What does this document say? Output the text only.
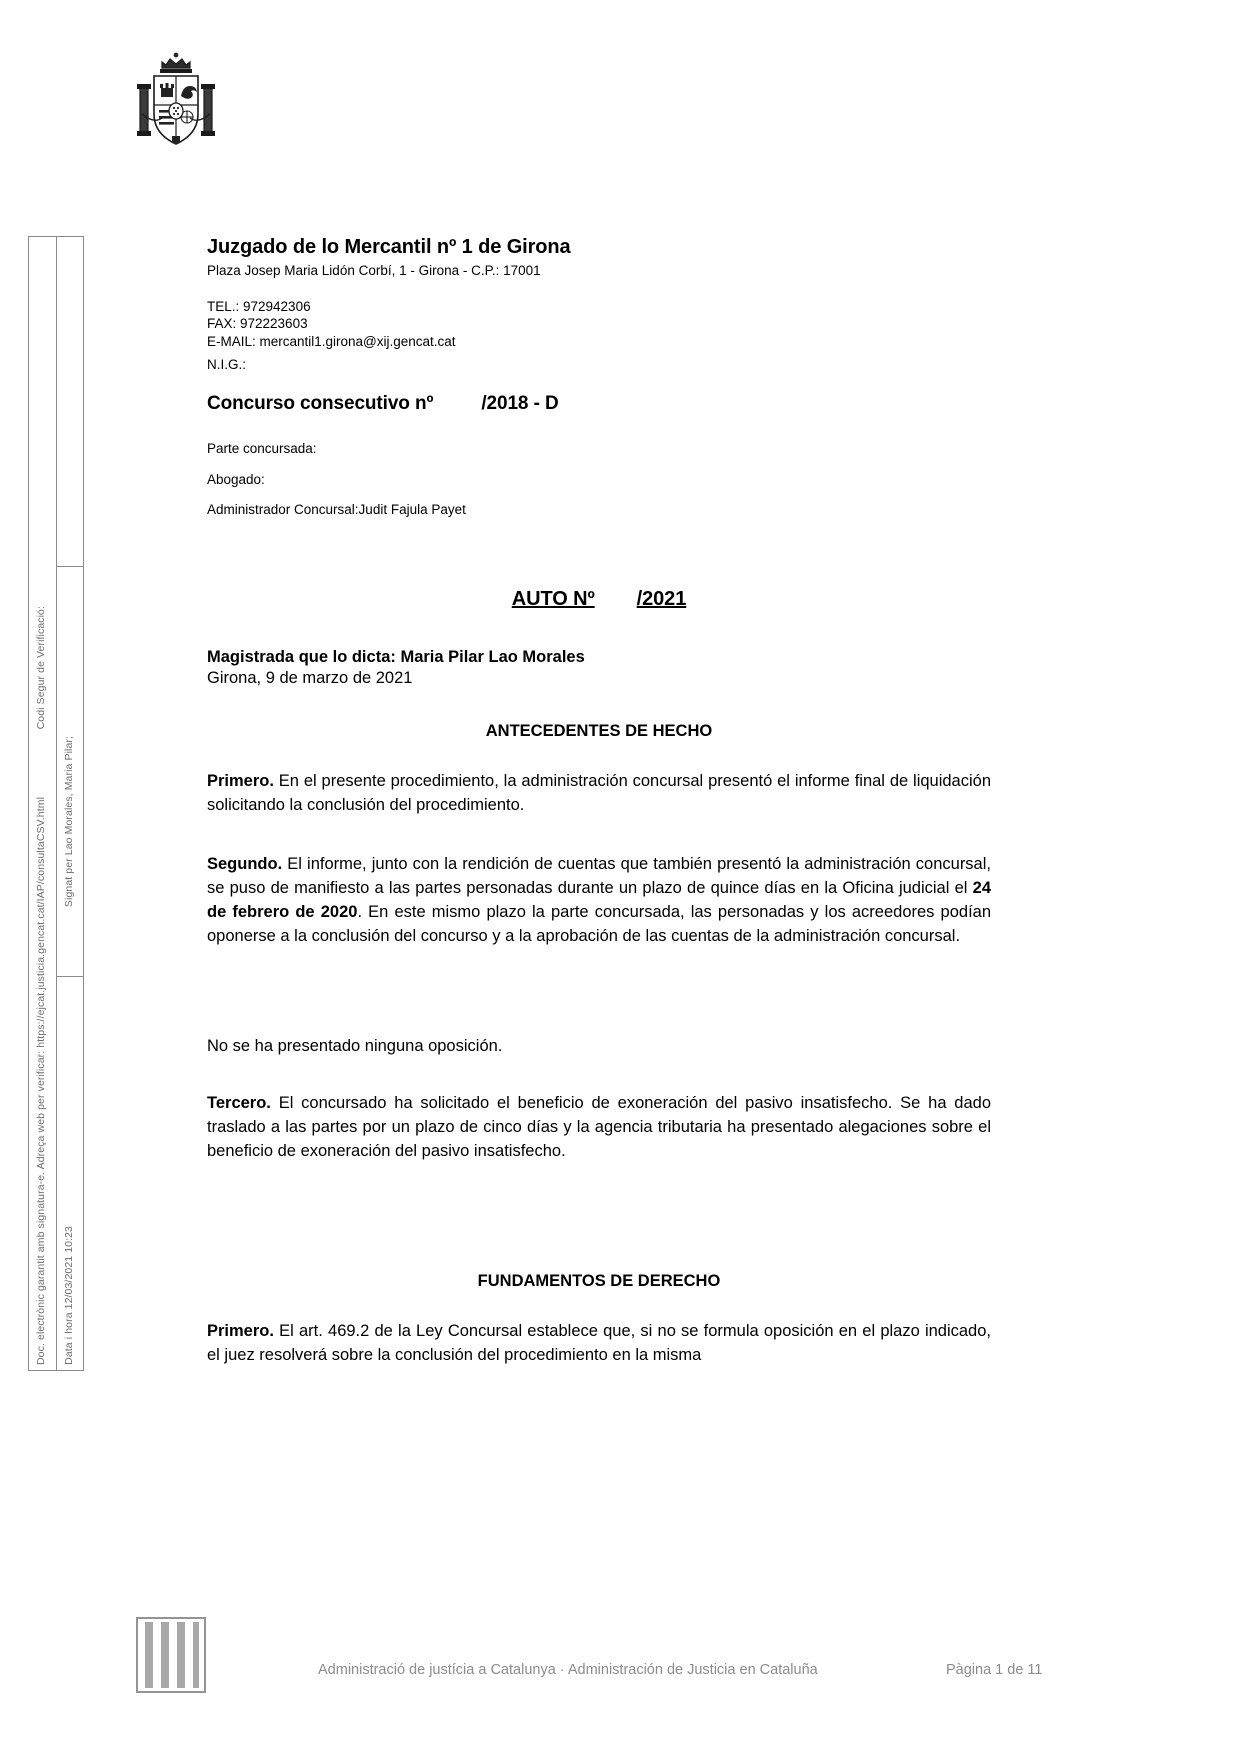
Doc. electrònic garantit amb signatura-e. Adreça web per verificar: https://ejcat.justicia.gencat.cat/IAP/consultaCSV.html
Codi Segur de Verificació:
Signat per Lao Morales, Maria Pilar;
Data i hora 12/03/2021 10:23
Juzgado de lo Mercantil nº 1 de Girona

Plaza Josep Maria Lidón Corbí, 1 - Girona - C.P.: 17001

TEL.: 972942306

FAX: 972223603

E-MAIL: mercantil1.girona@xij.gencat.cat

N.I.G.:

Concurso consecutivo nº	/2018 - D

Parte concursada:

Abogado:

Administrador Concursal:Judit Fajula Payet

AUTO Nº /2021

Magistrada que lo dicta: Maria Pilar Lao Morales

Girona, 9 de marzo de 2021

ANTECEDENTES DE HECHO

Primero. En el presente procedimiento, la administración concursal presentó el informe final de liquidación solicitando la conclusión del procedimiento.

Segundo. El informe, junto con la rendición de cuentas que también presentó la administración concursal, se puso de manifiesto a las partes personadas durante un plazo de quince días en la Oficina judicial el 24 de febrero de 2020. En este mismo plazo la parte concursada, las personadas y los acreedores podían oponerse a la conclusión del concurso y a la aprobación de las cuentas de la administración concursal.

No se ha presentado ninguna oposición.

Tercero. El concursado ha solicitado el beneficio de exoneración del pasivo insatisfecho. Se ha dado traslado a las partes por un plazo de cinco días y la agencia tributaria ha presentado alegaciones sobre el beneficio de exoneración del pasivo insatisfecho.

FUNDAMENTOS DE DERECHO

Primero. El art. 469.2 de la Ley Concursal establece que, si no se formula oposición en el plazo indicado, el juez resolverá sobre la conclusión del procedimiento en la misma

Administració de justícia a Catalunya · Administración de Justicia en Cataluña	Pàgina 1 de 11
